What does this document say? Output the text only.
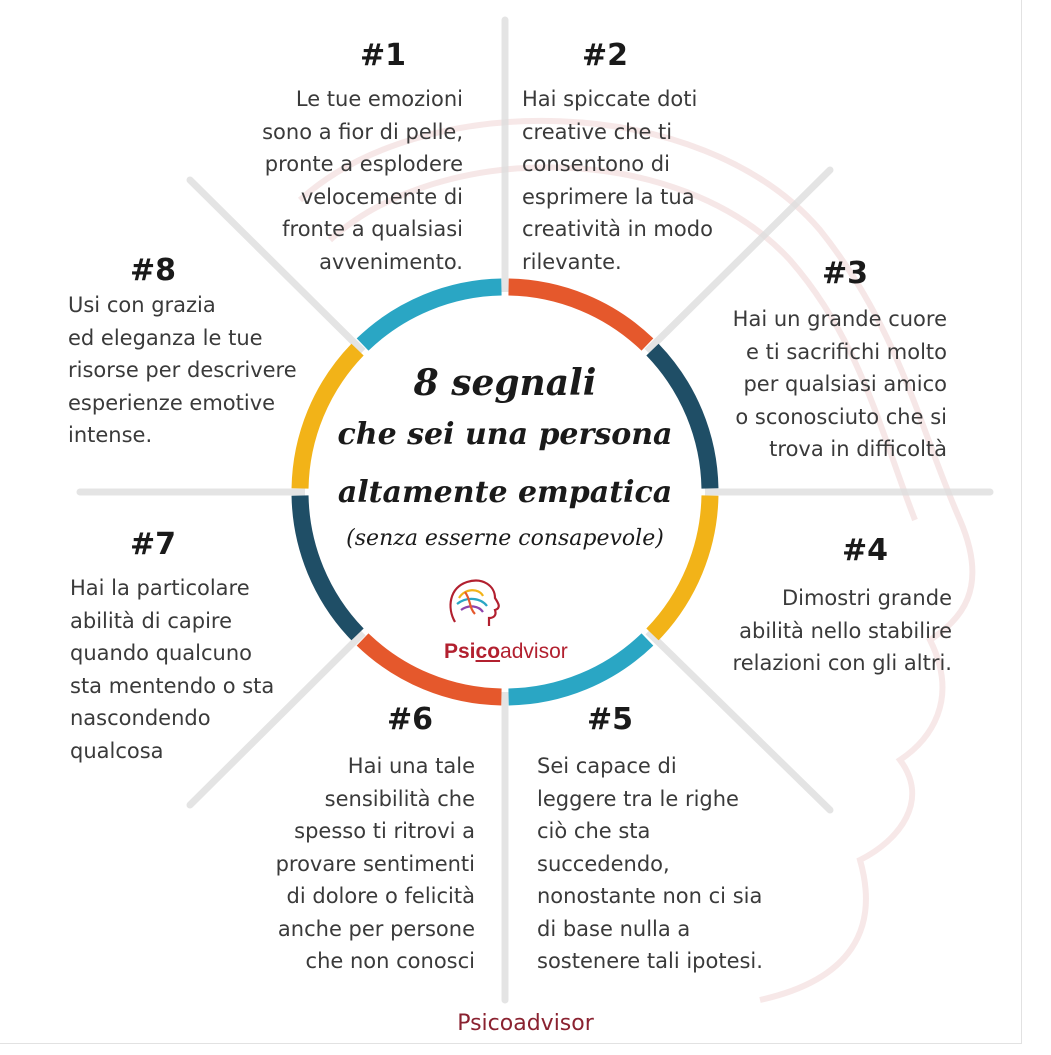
#1	#2
#3
#4
#5
#6
#7
#8
Le tue emozioni
sono a fior di pelle,
pronte a esplodere
velocemente di
fronte a qualsiasi
avvenimento.
Hai spiccate doti
creative che ti
consentono di
esprimere la tua
creatività in modo
rilevante.
Hai un grande cuore
e ti sacrifichi molto
per qualsiasi amico
o sconosciuto che si
trova in difficoltà
Dimostri grande
abilità nello stabilire
relazioni con gli altri.
Sei capace di
leggere tra le righe
ciò che sta
succedendo,
nonostante non ci sia
di base nulla a
sostenere tali ipotesi.
Hai una tale
sensibilità che
spesso ti ritrovi a
provare sentimenti
di dolore o felicità
anche per persone
che non conosci
Hai la particolare
abilità di capire
quando qualcuno
sta mentendo o sta
nascondendo
qualcosa
Usi con grazia
ed eleganza le tue
risorse per descrivere
esperienze emotive
intense.
8 segnali
che sei una persona
altamente empatica
(senza esserne consapevole)
Psicoadvisor
Psicoadvisor
